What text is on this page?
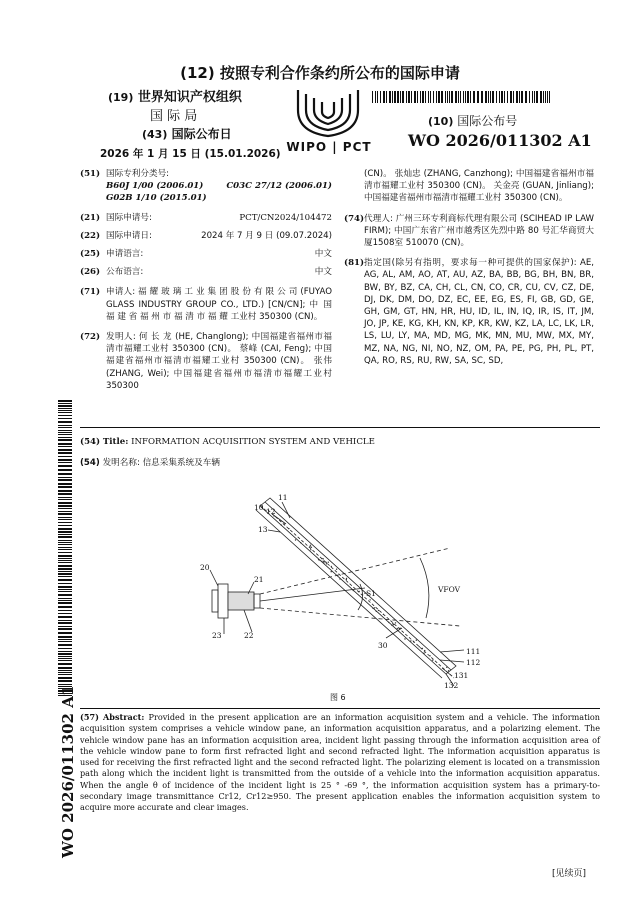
(12) 按照专利合作条约所公布的国际申请
(19) 世界知识产权组织
国 际 局
(43) 国际公布日
2026 年 1 月 15 日 (15.01.2026) WIPO | PCT
(10) 国际公布号
WO 2026/011302 A1
(51) 国际专利分类号:
B60J 1/00 (2006.01)	C03C 27/12 (2006.01)
G02B 1/10 (2015.01)
(21) 国际申请号:	PCT/CN2024/104472
(22) 国际申请日:	2024 年 7 月 9 日 (09.07.2024)
(25) 申请语言:	中文
(26) 公布语言:	中文
(71) 申请人: 福 耀 玻 璃 工 业 集 团 股 份 有 限 公 司 (FUYAO GLASS INDUSTRY GROUP CO., LTD.) [CN/CN]; 中 国 福 建 省 福 州 市 福 清 市 福 耀 工业村 350300 (CN)。
(72) 发明人: 何 长 龙 (HE, Changlong); 中国福建省福州市福清市福耀工业村 350300 (CN)。 蔡峰 (CAI, Feng); 中国福建省福州市福清市福耀工业村 350300 (CN)。 张伟 (ZHANG, Wei); 中国福建省福州市福清市福耀工业村 350300
(CN)。 张灿忠 (ZHANG, Canzhong); 中国福建省福州市福清市福耀工业村 350300 (CN)。 关金亮 (GUAN, Jinliang); 中国福建省福州市福清市福耀工业村 350300 (CN)。
(74) 代理人: 广州三环专利商标代理有限公司 (SCIHEAD IP LAW FIRM); 中国广东省广州市越秀区先烈中路 80 号汇华商贸大厦1508室 510070 (CN)。
(81) 指定国(除另有指明，要求每一种可提供的国家保护): AE, AG, AL, AM, AO, AT, AU, AZ, BA, BB, BG, BH, BN, BR, BW, BY, BZ, CA, CH, CL, CN, CO, CR, CU, CV, CZ, DE, DJ, DK, DM, DO, DZ, EC, EE, EG, ES, FI, GB, GD, GE, GH, GM, GT, HN, HR, HU, ID, IL, IN, IQ, IR, IS, IT, JM, JO, JP, KE, KG, KH, KN, KP, KR, KW, KZ, LA, LC, LK, LR, LS, LU, LY, MA, MD, MG, MK, MN, MU, MW, MX, MY, MZ, NA, NG, NI, NO, NZ, OM, PA, PE, PG, PH, PL, PT, QA, RO, RS, RU, RW, SA, SC, SD,
(54) Title: INFORMATION ACQUISITION SYSTEM AND VEHICLE
(54) 发明名称: 信息采集系统及车辆
10
11
12
13
20
21
22
23
30
S1	VFOV
111
112
131
132
图 6
(57) Abstract: Provided in the present application are an information acquisition system and a vehicle. The information acquisition system comprises a vehicle window pane, an information acquisition apparatus, and a polarizing element. The vehicle window pane has an information acquisition area, incident light passing through the information acquisition area of the vehicle window pane to form first refracted light and second refracted light. The information acquisition apparatus is used for receiving the first refracted light and the second refracted light. The polarizing element is located on a transmission path along which the incident light is transmitted from the outside of a vehicle into the information acquisition apparatus. When the angle θ of incidence of the incident light is 25 ° -69 °, the information acquisition system has a primary-to-secondary image transmittance Cr12, Cr12≥950. The present application enables the information acquisition system to acquire more accurate and clear images.
WO 2026/011302 A1
[见续页]
